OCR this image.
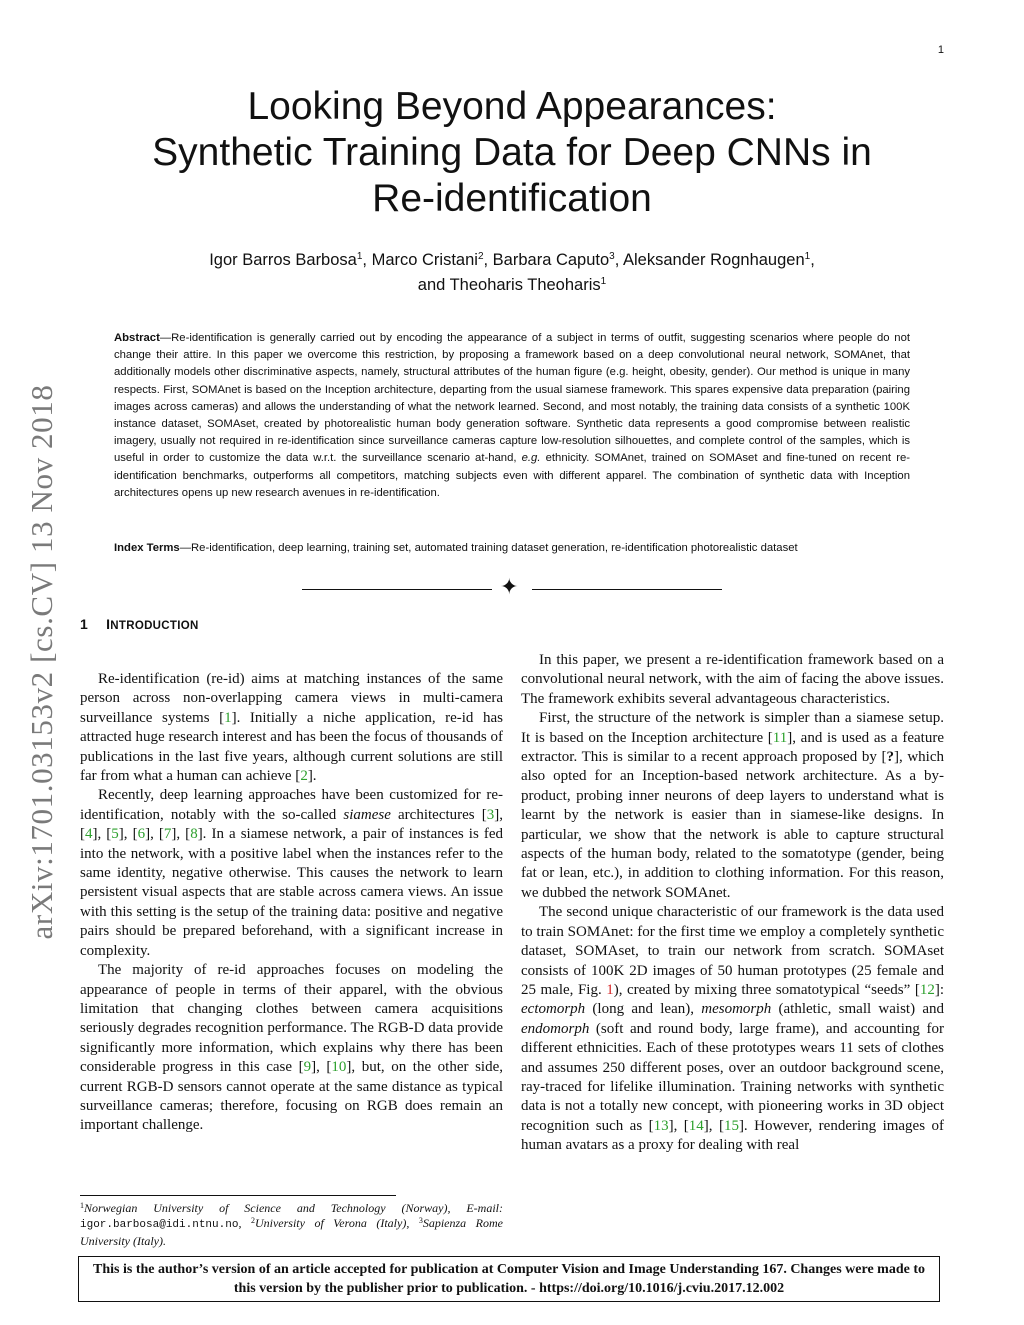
1
arXiv:1701.03153v2 [cs.CV] 13 Nov 2018
Looking Beyond Appearances:
Synthetic Training Data for Deep CNNs in
Re-identification
Igor Barros Barbosa$^1$, Marco Cristani$^2$, Barbara Caputo$^3$, Aleksander Rognhaugen$^1$,
and Theoharis Theoharis$^1$
Abstract—Re-identification is generally carried out by encoding the appearance of a subject in terms of outfit, suggesting scenarios where people do not change their attire. In this paper we overcome this restriction, by proposing a framework based on a deep convolutional neural network, SOMAnet, that additionally models other discriminative aspects, namely, structural attributes of the human figure (e.g. height, obesity, gender). Our method is unique in many respects. First, SOMAnet is based on the Inception architecture, departing from the usual siamese framework. This spares expensive data preparation (pairing images across cameras) and allows the understanding of what the network learned. Second, and most notably, the training data consists of a synthetic 100K instance dataset, SOMAset, created by photorealistic human body generation software. Synthetic data represents a good compromise between realistic imagery, usually not required in re-identification since surveillance cameras capture low-resolution silhouettes, and complete control of the samples, which is useful in order to customize the data w.r.t. the surveillance scenario at-hand, e.g. ethnicity. SOMAnet, trained on SOMAset and fine-tuned on recent re-identification benchmarks, outperforms all competitors, matching subjects even with different apparel. The combination of synthetic data with Inception architectures opens up new research avenues in re-identification.
Index Terms—Re-identification, deep learning, training set, automated training dataset generation, re-identification photorealistic dataset
✦
1 INTRODUCTION

Re-identification (re-id) aims at matching instances of the same person across non-overlapping camera views in multi-camera surveillance systems [1]. Initially a niche application, re-id has attracted huge research interest and has been the focus of thousands of publications in the last five years, although current solutions are still far from what a human can achieve [2].

Recently, deep learning approaches have been customized for re-identification, notably with the so-called siamese architectures [3], [4], [5], [6], [7], [8]. In a siamese network, a pair of instances is fed into the network, with a positive label when the instances refer to the same identity, negative otherwise. This causes the network to learn persistent visual aspects that are stable across camera views. An issue with this setting is the setup of the training data: positive and negative pairs should be prepared beforehand, with a significant increase in complexity.

The majority of re-id approaches focuses on modeling the appearance of people in terms of their apparel, with the obvious limitation that changing clothes between camera acquisitions seriously degrades recognition performance. The RGB-D data provide significantly more information, which explains why there has been considerable progress in this case [9], [10], but, on the other side, current RGB-D sensors cannot operate at the same distance as typical surveillance cameras; therefore, focusing on RGB does remain an important challenge.

$^1$Norwegian University of Science and Technology (Norway), E-mail: igor.barbosa@idi.ntnu.no, $^2$University of Verona (Italy), $^3$Sapienza Rome University (Italy).

In this paper, we present a re-identification framework based on a convolutional neural network, with the aim of facing the above issues. The framework exhibits several advantageous characteristics.

First, the structure of the network is simpler than a siamese setup. It is based on the Inception architecture [11], and is used as a feature extractor. This is similar to a recent approach proposed by [?], which also opted for an Inception-based network architecture. As a by-product, probing inner neurons of deep layers to understand what is learnt by the network is easier than in siamese-like designs. In particular, we show that the network is able to capture structural aspects of the human body, related to the somatotype (gender, being fat or lean, etc.), in addition to clothing information. For this reason, we dubbed the network SOMAnet.

The second unique characteristic of our framework is the data used to train SOMAnet: for the first time we employ a completely synthetic dataset, SOMAset, to train our network from scratch. SOMAset consists of 100K 2D images of 50 human prototypes (25 female and 25 male, Fig. 1), created by mixing three somatotypical “seeds” [12]: ectomorph (long and lean), mesomorph (athletic, small waist) and endomorph (soft and round body, large frame), and accounting for different ethnicities. Each of these prototypes wears 11 sets of clothes and assumes 250 different poses, over an outdoor background scene, ray-traced for lifelike illumination. Training networks with synthetic data is not a totally new concept, with pioneering works in 3D object recognition such as [13], [14], [15]. However, rendering images of human avatars as a proxy for dealing with real

This is the author’s version of an article accepted for publication at Computer Vision and Image Understanding 167. Changes were made to this version by the publisher prior to publication. - https://doi.org/10.1016/j.cviu.2017.12.002
